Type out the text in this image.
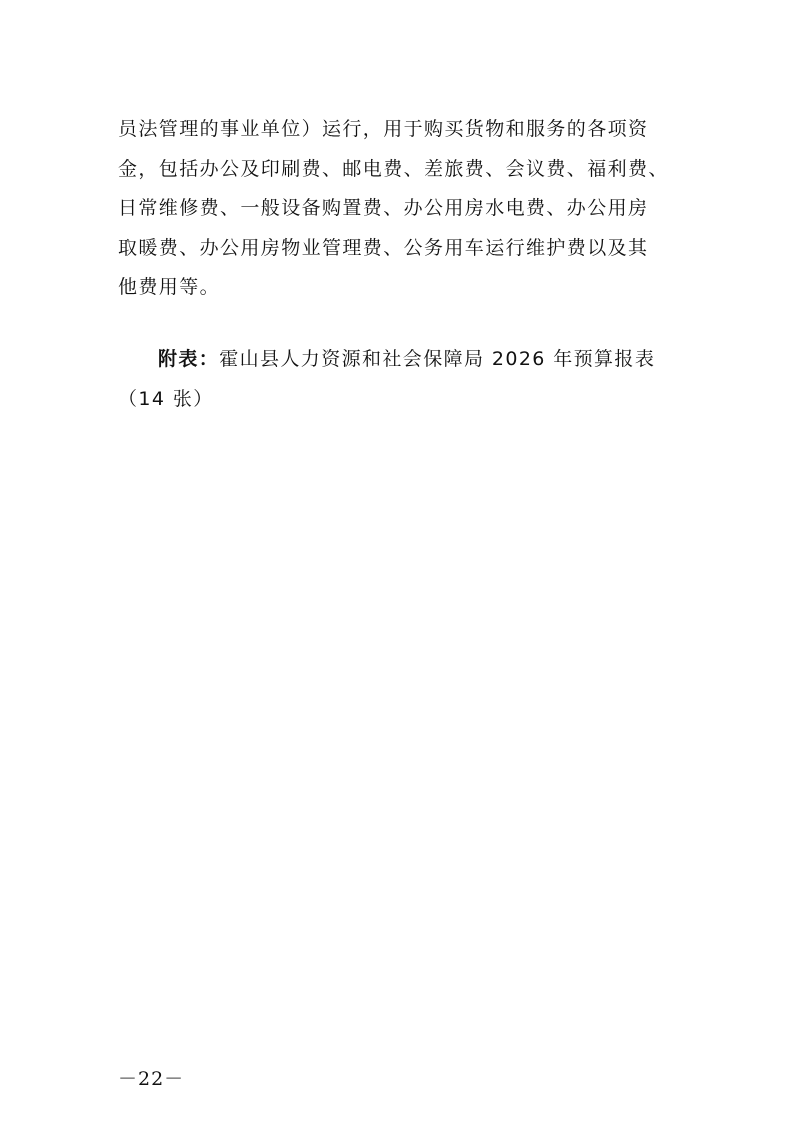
员法管理的事业单位）运行，用于购买货物和服务的各项资
金，包括办公及印刷费、邮电费、差旅费、会议费、福利费、
日常维修费、一般设备购置费、办公用房水电费、办公用房
取暖费、办公用房物业管理费、公务用车运行维护费以及其
他费用等。
附表：霍山县人力资源和社会保障局 2026 年预算报表
（14 张）
－22－
